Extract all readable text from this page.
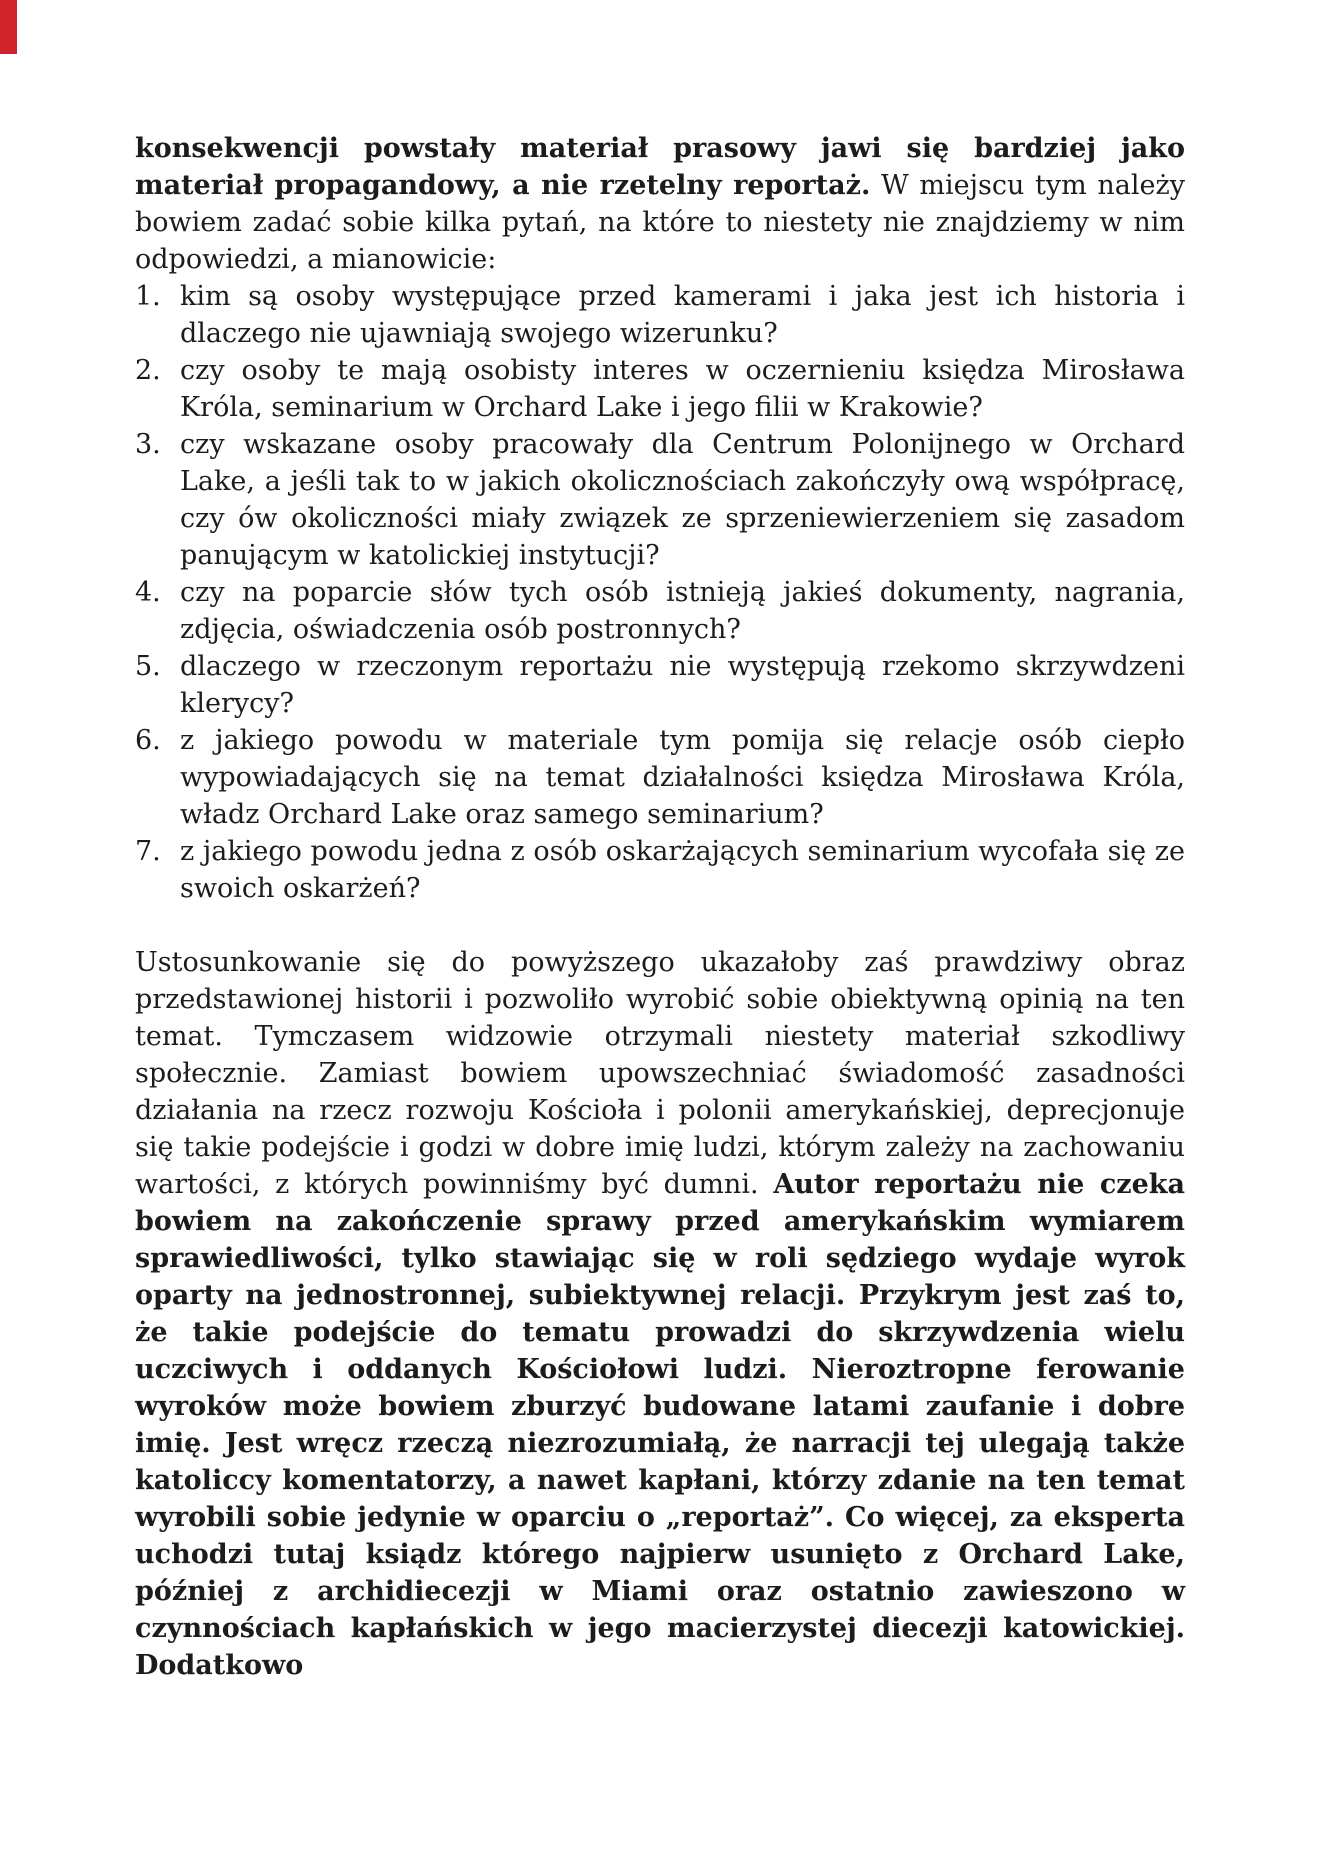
konsekwencji powstały materiał prasowy jawi się bardziej jako materiał propagandowy, a nie rzetelny reportaż. W miejscu tym należy bowiem zadać sobie kilka pytań, na które to niestety nie znajdziemy w nim odpowiedzi, a mianowicie:

1. kim są osoby występujące przed kamerami i jaka jest ich historia i dlaczego nie ujawniają swojego wizerunku?
2. czy osoby te mają osobisty interes w oczernieniu księdza Mirosława Króla, seminarium w Orchard Lake i jego filii w Krakowie?
3. czy wskazane osoby pracowały dla Centrum Polonijnego w Orchard Lake, a jeśli tak to w jakich okolicznościach zakończyły ową współpracę, czy ów okoliczności miały związek ze sprzeniewierzeniem się zasadom panującym w katolickiej instytucji?
4. czy na poparcie słów tych osób istnieją jakieś dokumenty, nagrania, zdjęcia, oświadczenia osób postronnych?
5. dlaczego w rzeczonym reportażu nie występują rzekomo skrzywdzeni klerycy?
6. z jakiego powodu w materiale tym pomija się relacje osób ciepło wypowiadających się na temat działalności księdza Mirosława Króla, władz Orchard Lake oraz samego seminarium?
7. z jakiego powodu jedna z osób oskarżających seminarium wycofała się ze swoich oskarżeń?

Ustosunkowanie się do powyższego ukazałoby zaś prawdziwy obraz przedstawionej historii i pozwoliło wyrobić sobie obiektywną opinią na ten temat. Tymczasem widzowie otrzymali niestety materiał szkodliwy społecznie. Zamiast bowiem upowszechniać świadomość zasadności działania na rzecz rozwoju Kościoła i polonii amerykańskiej, deprecjonuje się takie podejście i godzi w dobre imię ludzi, którym zależy na zachowaniu wartości, z których powinniśmy być dumni. Autor reportażu nie czeka bowiem na zakończenie sprawy przed amerykańskim wymiarem sprawiedliwości, tylko stawiając się w roli sędziego wydaje wyrok oparty na jednostronnej, subiektywnej relacji. Przykrym jest zaś to, że takie podejście do tematu prowadzi do skrzywdzenia wielu uczciwych i oddanych Kościołowi ludzi. Nieroztropne ferowanie wyroków może bowiem zburzyć budowane latami zaufanie i dobre imię. Jest wręcz rzeczą niezrozumiałą, że narracji tej ulegają także katoliccy komentatorzy, a nawet kapłani, którzy zdanie na ten temat wyrobili sobie jedynie w oparciu o „reportaż”. Co więcej, za eksperta uchodzi tutaj ksiądz którego najpierw usunięto z Orchard Lake, później z archidiecezji w Miami oraz ostatnio zawieszono w czynnościach kapłańskich w jego macierzystej diecezji katowickiej. Dodatkowo
